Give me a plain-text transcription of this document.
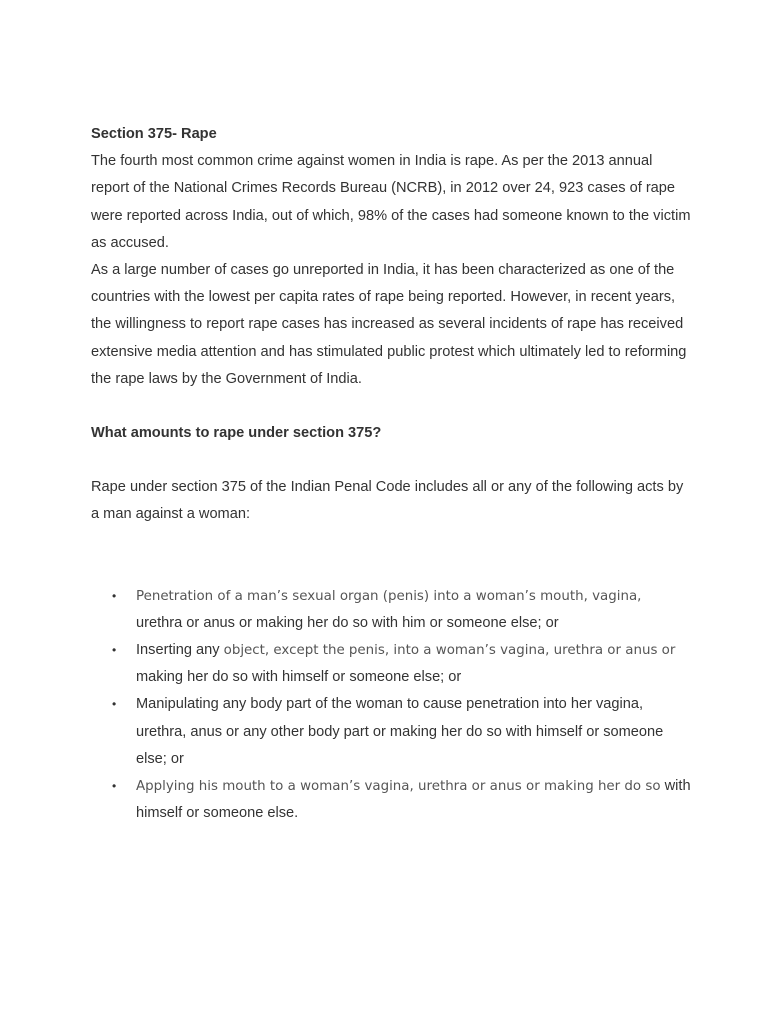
Section 375- Rape

The fourth most common crime against women in India is rape. As per the 2013 annual report of the National Crimes Records Bureau (NCRB), in 2012 over 24, 923 cases of rape were reported across India, out of which, 98% of the cases had someone known to the victim as accused.

As a large number of cases go unreported in India, it has been characterized as one of the countries with the lowest per capita rates of rape being reported. However, in recent years, the willingness to report rape cases has increased as several incidents of rape has received extensive media attention and has stimulated public protest which ultimately led to reforming the rape laws by the Government of India.

What amounts to rape under section 375?

Rape under section 375 of the Indian Penal Code includes all or any of the following acts by a man against a woman:

• Penetration of a man’s sexual organ (penis) into a woman’s mouth, vagina, urethra or anus or making her do so with him or someone else; or
• Inserting any object, except the penis, into a woman’s vagina, urethra or anus or making her do so with himself or someone else; or
• Manipulating any body part of the woman to cause penetration into her vagina, urethra, anus or any other body part or making her do so with himself or someone else; or
• Applying his mouth to a woman’s vagina, urethra or anus or making her do so with himself or someone else.
